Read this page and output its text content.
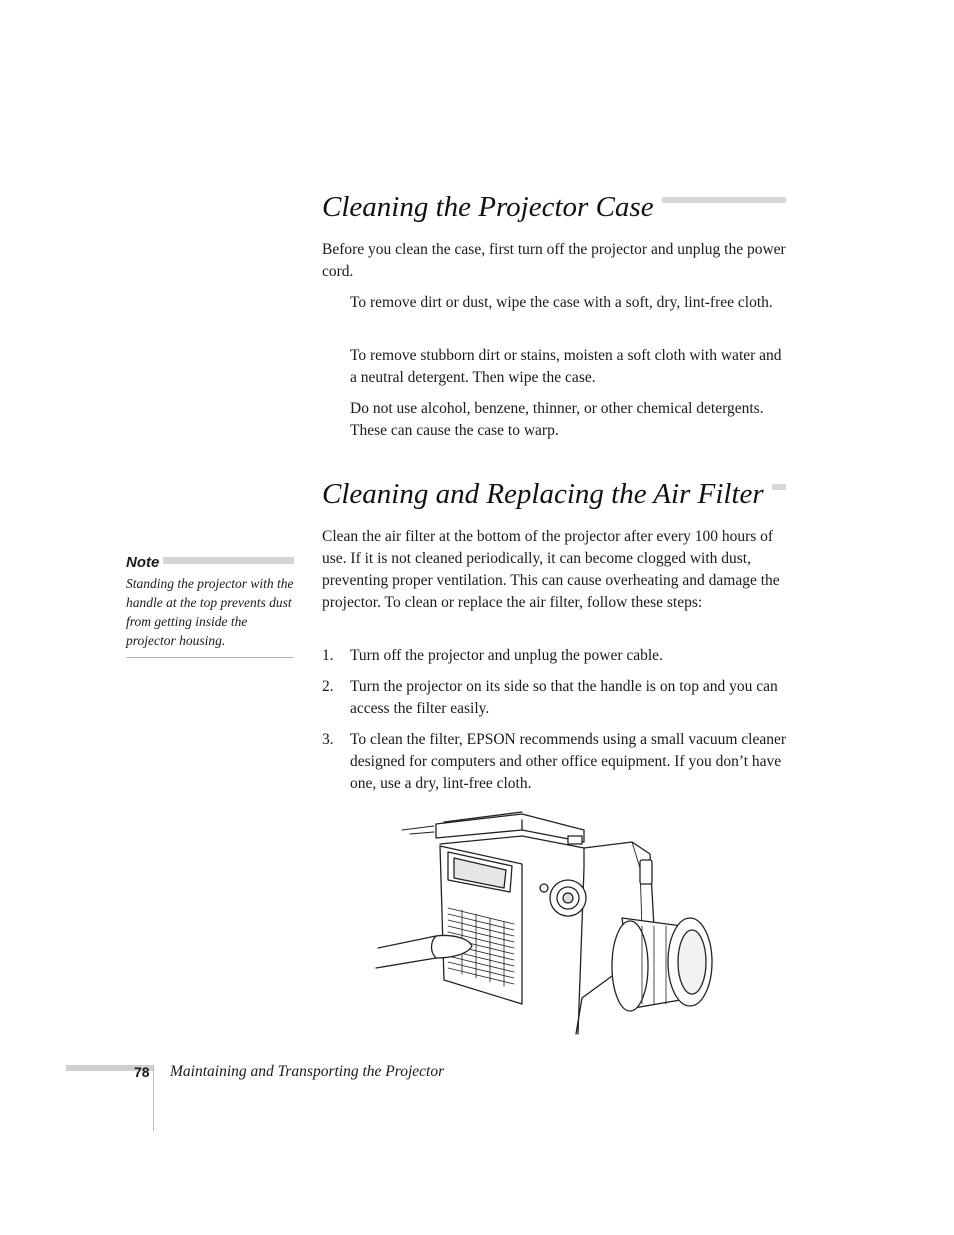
Cleaning the Projector Case

Before you clean the case, first turn off the projector and unplug the power cord.

To remove dirt or dust, wipe the case with a soft, dry, lint-free cloth.

To remove stubborn dirt or stains, moisten a soft cloth with water and a neutral detergent. Then wipe the case.

Do not use alcohol, benzene, thinner, or other chemical detergents. These can cause the case to warp.

Cleaning and Replacing the Air Filter

Clean the air filter at the bottom of the projector after every 100 hours of use. If it is not cleaned periodically, it can become clogged with dust, preventing proper ventilation. This can cause overheating and damage the projector. To clean or replace the air filter, follow these steps:

1. Turn off the projector and unplug the power cable.

2. Turn the projector on its side so that the handle is on top and you can access the filter easily.

3. To clean the filter, EPSON recommends using a small vacuum cleaner designed for computers and other office equipment. If you don’t have one, use a dry, lint-free cloth.

Note

Standing the projector with the handle at the top prevents dust from getting inside the projector housing.

78 Maintaining and Transporting the Projector
